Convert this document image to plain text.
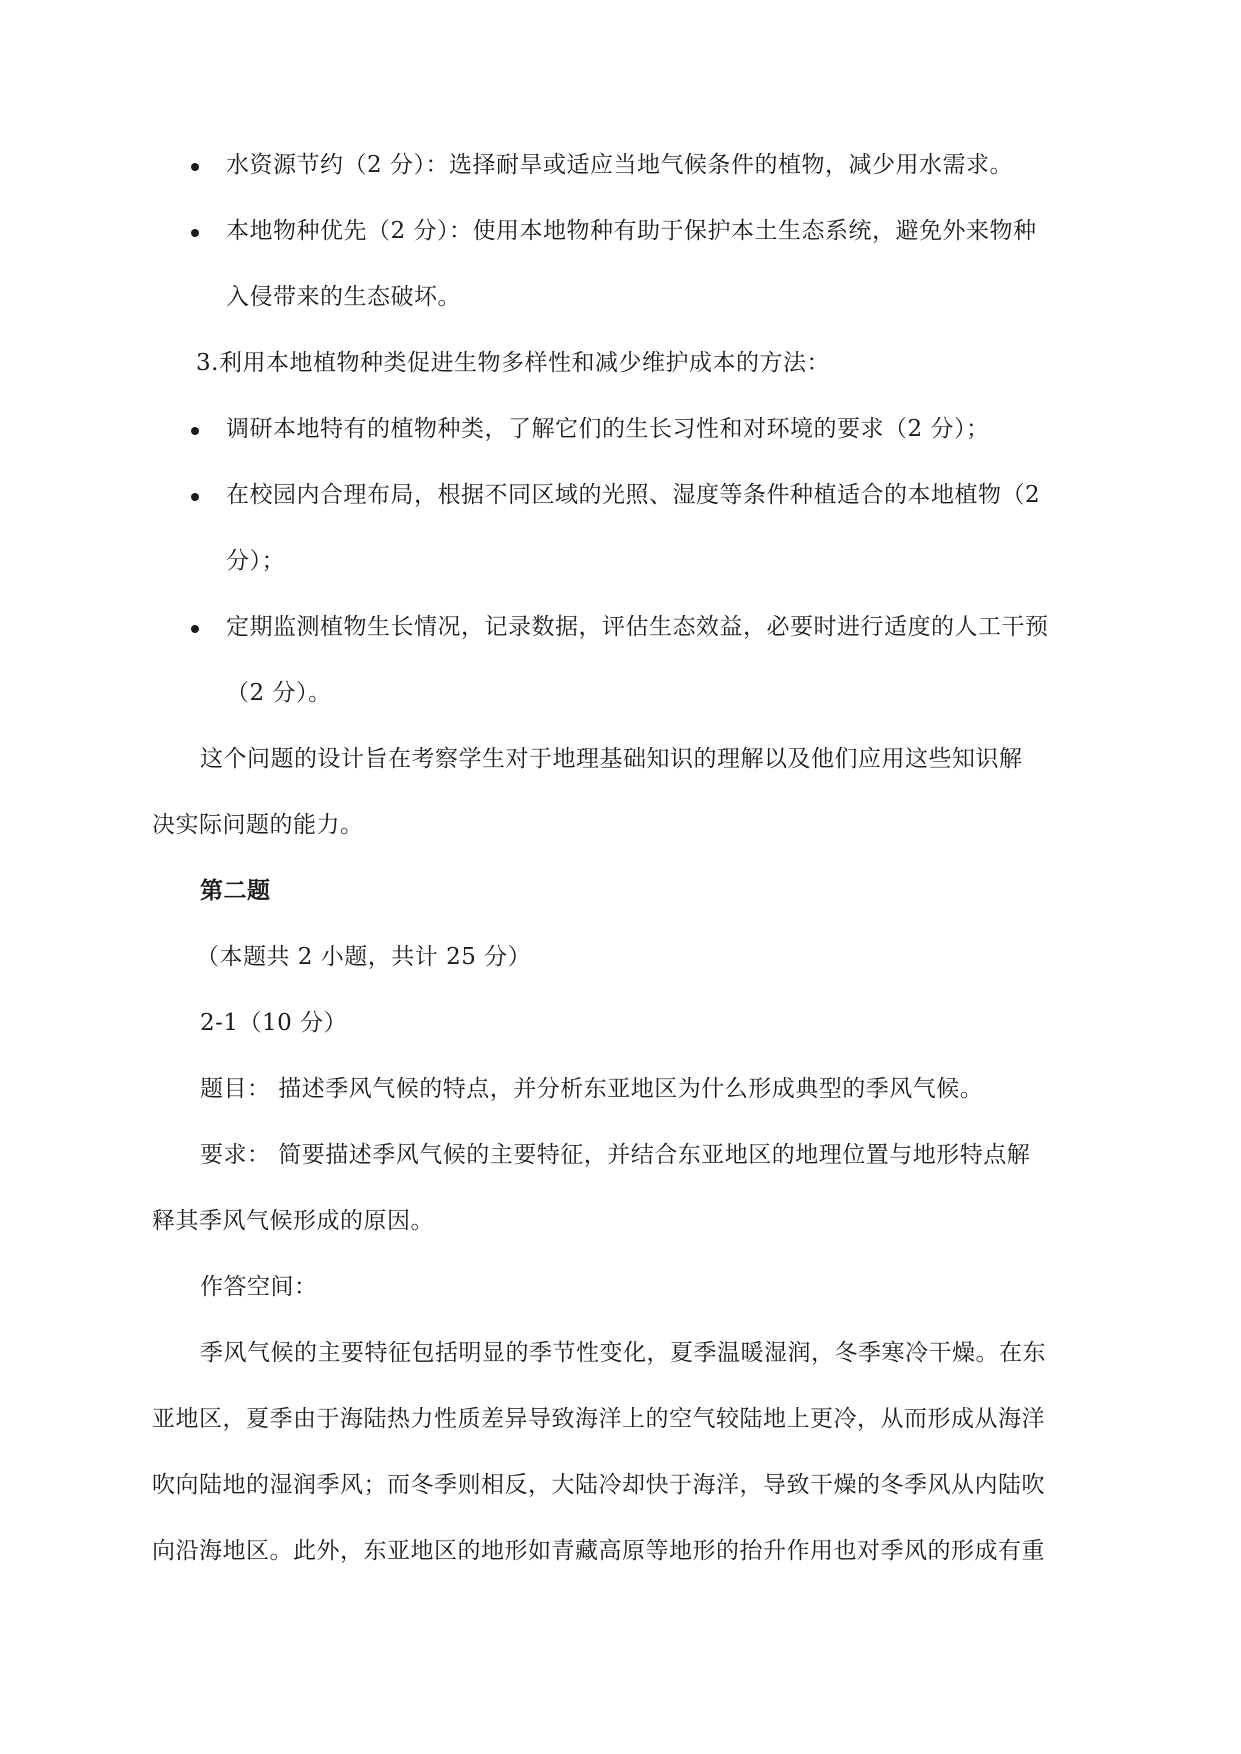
水资源节约（2 分）：选择耐旱或适应当地气候条件的植物，减少用水需求。
本地物种优先（2 分）：使用本地物种有助于保护本土生态系统，避免外来物种
入侵带来的生态破坏。
3.利用本地植物种类促进生物多样性和减少维护成本的方法：
调研本地特有的植物种类，了解它们的生长习性和对环境的要求（2 分）；
在校园内合理布局，根据不同区域的光照、湿度等条件种植适合的本地植物（2
分）；
定期监测植物生长情况，记录数据，评估生态效益，必要时进行适度的人工干预
（2 分）。
这个问题的设计旨在考察学生对于地理基础知识的理解以及他们应用这些知识解
决实际问题的能力。
第二题
（本题共 2 小题，共计 25 分）
2-1（10 分）
题目： 描述季风气候的特点，并分析东亚地区为什么形成典型的季风气候。
要求： 简要描述季风气候的主要特征，并结合东亚地区的地理位置与地形特点解
释其季风气候形成的原因。
作答空间：
季风气候的主要特征包括明显的季节性变化，夏季温暖湿润，冬季寒冷干燥。在东
亚地区，夏季由于海陆热力性质差异导致海洋上的空气较陆地上更冷，从而形成从海洋
吹向陆地的湿润季风；而冬季则相反，大陆冷却快于海洋，导致干燥的冬季风从内陆吹
向沿海地区。此外，东亚地区的地形如青藏高原等地形的抬升作用也对季风的形成有重
